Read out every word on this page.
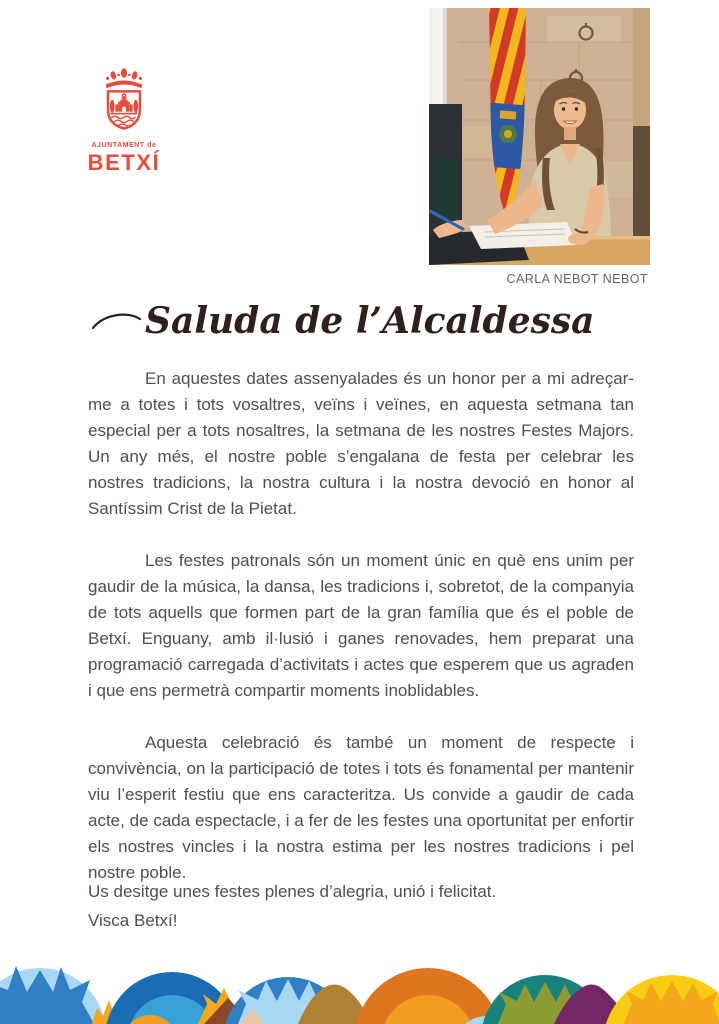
AJUNTAMENT de
BETXÍ
CARLA NEBOT NEBOT
Saluda de l’Alcaldessa

En aquestes dates assenyalades és un honor per a mi adreçar-me a totes i tots vosaltres, veïns i veïnes, en aquesta setmana tan especial per a tots nosaltres, la setmana de les nostres Festes Majors. Un any més, el nostre poble s’engalana de festa per celebrar les nostres tradicions, la nostra cultura i la nostra devoció en honor al Santíssim Crist de la Pietat.

Les festes patronals són un moment únic en què ens unim per gaudir de la música, la dansa, les tradicions i, sobretot, de la companyia de tots aquells que formen part de la gran família que és el poble de Betxí. Enguany, amb il·lusió i ganes renovades, hem preparat una programació carregada d’activitats i actes que esperem que us agraden i que ens permetrà compartir moments inoblidables.

Aquesta celebració és també un moment de respecte i convivència, on la participació de totes i tots és fonamental per mantenir viu l’esperit festiu que ens caracteritza. Us convide a gaudir de cada acte, de cada espectacle, i a fer de les festes una oportunitat per enfortir els nostres vincles i la nostra estima per les nostres tradicions i pel nostre poble.

Us desitge unes festes plenes d’alegria, unió i felicitat.

Visca Betxí!
